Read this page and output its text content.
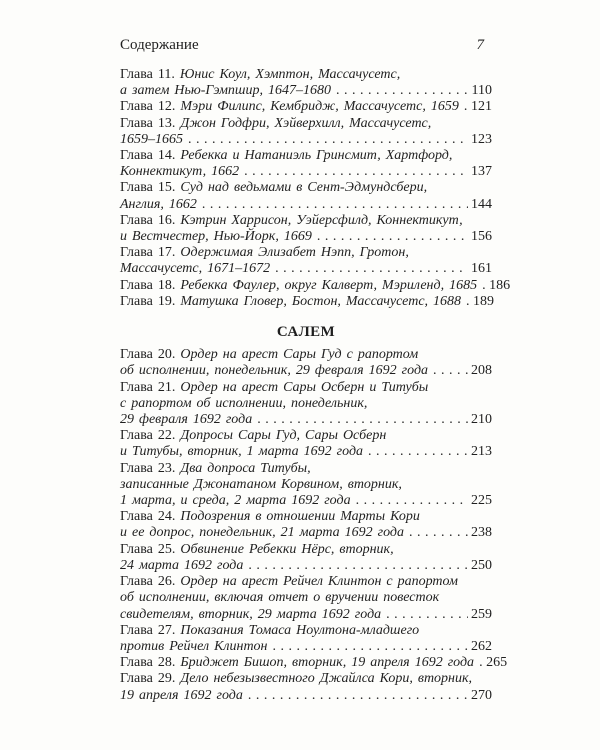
Содержание	7
Глава 11. Юнис Коул, Хэмптон, Массачусетс,
а затем Нью-Гэмпшир, 1647–1680 .....	110
Глава 12. Мэри Филипс, Кембридж, Массачусетс, 1659 ..... 121
Глава 13. Джон Годфри, Хэйверхилл, Массачусетс,
1659–1665 .....	123
Глава 14. Ребекка и Натаниэль Гринсмит, Хартфорд,
Коннектикут, 1662 .....	137
Глава 15. Суд над ведьмами в Сент-Эдмундсбери,
Англия, 1662 .....	144
Глава 16. Кэтрин Харрисон, Уэйерсфилд, Коннектикут,
и Вестчестер, Нью-Йорк, 1669 .....	156
Глава 17. Одержимая Элизабет Нэпп, Гротон,
Массачусетс, 1671–1672 .....	161
Глава 18. Ребекка Фаулер, округ Калверт, Мэриленд, 1685 ..... 186
Глава 19. Матушка Гловер, Бостон, Массачусетс, 1688 ..... 189
САЛЕМ
Глава 20. Ордер на арест Сары Гуд с рапортом
об исполнении, понедельник, 29 февраля 1692 года .....	208
Глава 21. Ордер на арест Сары Осберн и Титубы
с рапортом об исполнении, понедельник,
29 февраля 1692 года .....	210
Глава 22. Допросы Сары Гуд, Сары Осберн
и Титубы, вторник, 1 марта 1692 года .....	213
Глава 23. Два допроса Титубы,
записанные Джонатаном Корвином, вторник,
1 марта, и среда, 2 марта 1692 года .....	225
Глава 24. Подозрения в отношении Марты Кори
и ее допрос, понедельник, 21 марта 1692 года .....	238
Глава 25. Обвинение Ребекки Нёрс, вторник,
24 марта 1692 года .....	250
Глава 26. Ордер на арест Рейчел Клинтон с рапортом
об исполнении, включая отчет о вручении повесток
свидетелям, вторник, 29 марта 1692 года .....	259
Глава 27. Показания Томаса Ноултона-младшего
против Рейчел Клинтон .....	262
Глава 28. Бриджет Бишоп, вторник, 19 апреля 1692 года ..... 265
Глава 29. Дело небезызвестного Джайлса Кори, вторник,
19 апреля 1692 года .....	270
